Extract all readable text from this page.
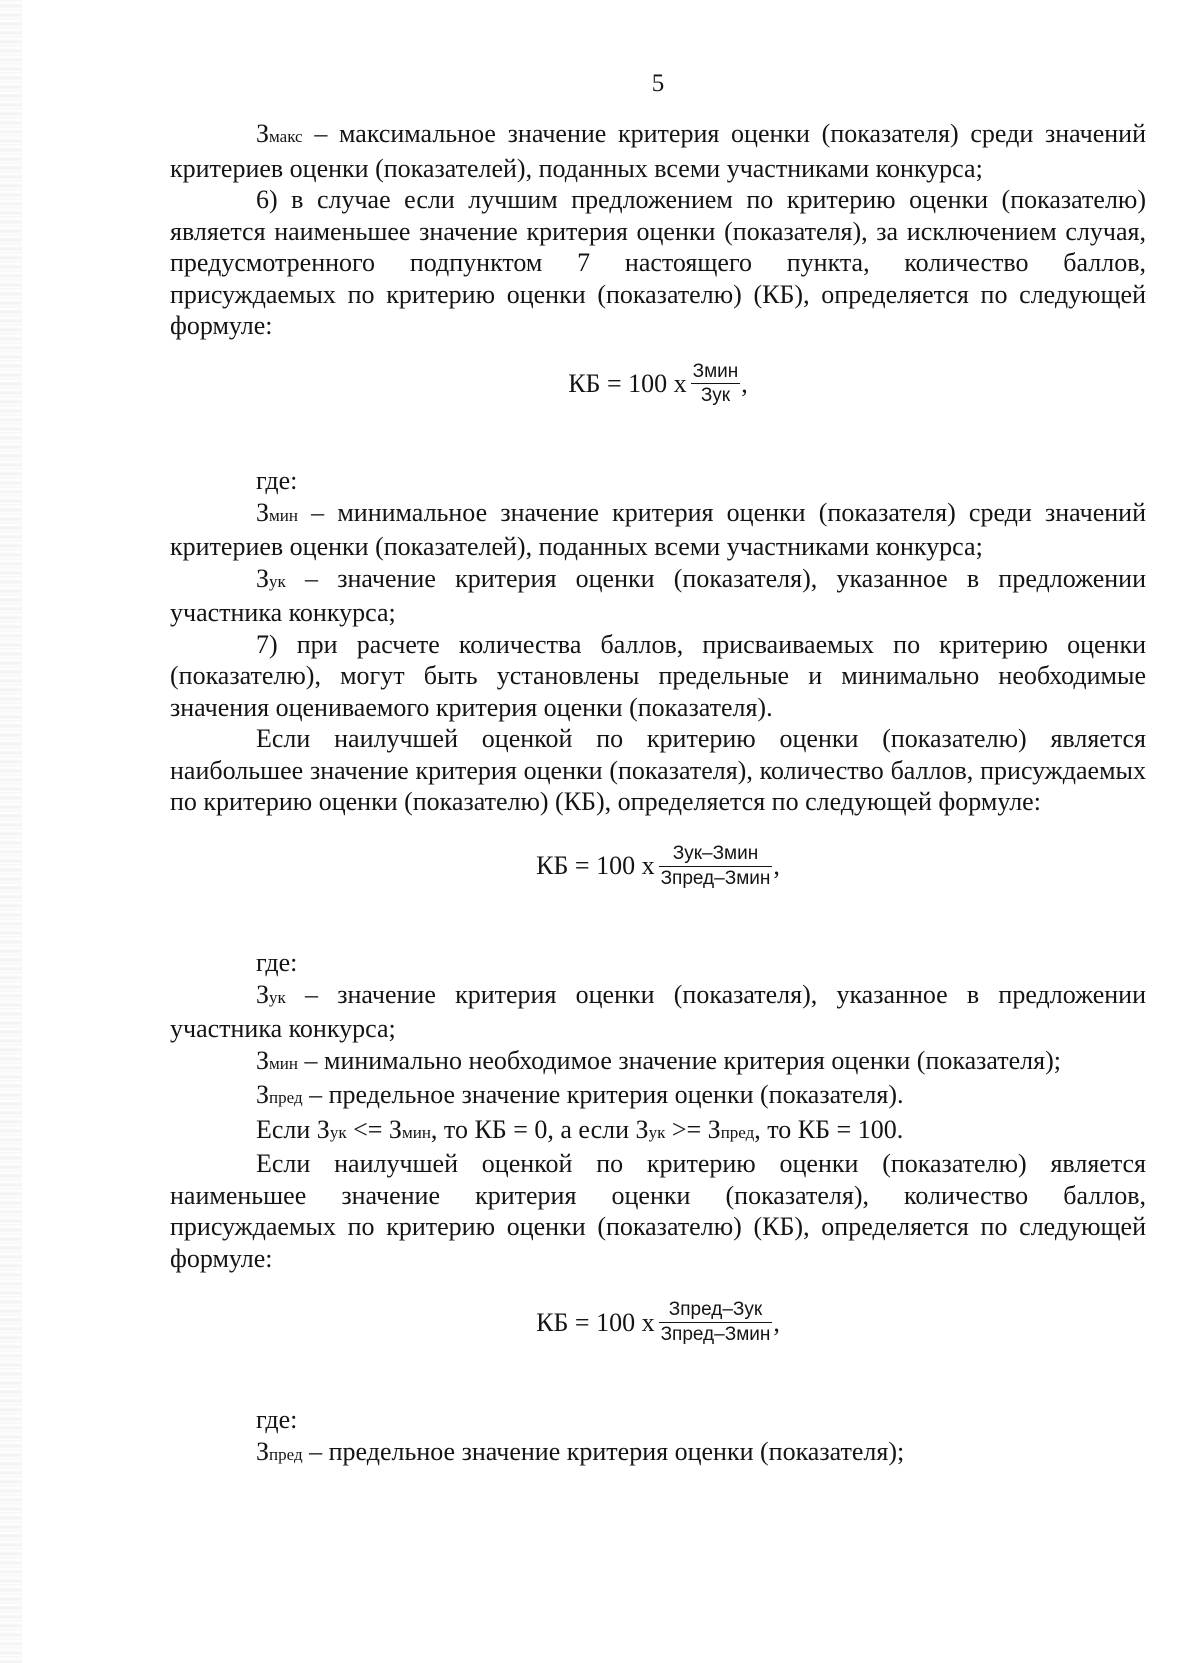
5

Змакс – максимальное значение критерия оценки (показателя) среди значений критериев оценки (показателей), поданных всеми участниками конкурса;

6) в случае если лучшим предложением по критерию оценки (показателю) является наименьшее значение критерия оценки (показателя), за исключением случая, предусмотренного подпунктом 7 настоящего пункта, количество баллов, присуждаемых по критерию оценки (показателю) (КБ), определяется по следующей формуле:

КБ = 100 х $\frac{\text{Змин}}{\text{Зук}}$ ,

где:

Змин – минимальное значение критерия оценки (показателя) среди значений критериев оценки (показателей), поданных всеми участниками конкурса;

Зук – значение критерия оценки (показателя), указанное в предложении участника конкурса;

7) при расчете количества баллов, присваиваемых по критерию оценки (показателю), могут быть установлены предельные и минимально необходимые значения оцениваемого критерия оценки (показателя).

Если наилучшей оценкой по критерию оценки (показателю) является наибольшее значение критерия оценки (показателя), количество баллов, присуждаемых по критерию оценки (показателю) (КБ), определяется по следующей формуле:

КБ = 100 х $\frac{\text{Зук–Змин}}{\text{Зпред–Змин}}$ ,

где:

Зук – значение критерия оценки (показателя), указанное в предложении участника конкурса;

Змин – минимально необходимое значение критерия оценки (показателя);

Зпред – предельное значение критерия оценки (показателя).

Если Зук <= Змин, то КБ = 0, а если Зук >= Зпред, то КБ = 100.

Если наилучшей оценкой по критерию оценки (показателю) является наименьшее значение критерия оценки (показателя), количество баллов, присуждаемых по критерию оценки (показателю) (КБ), определяется по следующей формуле:

КБ = 100 х $\frac{\text{Зпред–Зук}}{\text{Зпред–Змин}}$ ,

где:

Зпред – предельное значение критерия оценки (показателя);
